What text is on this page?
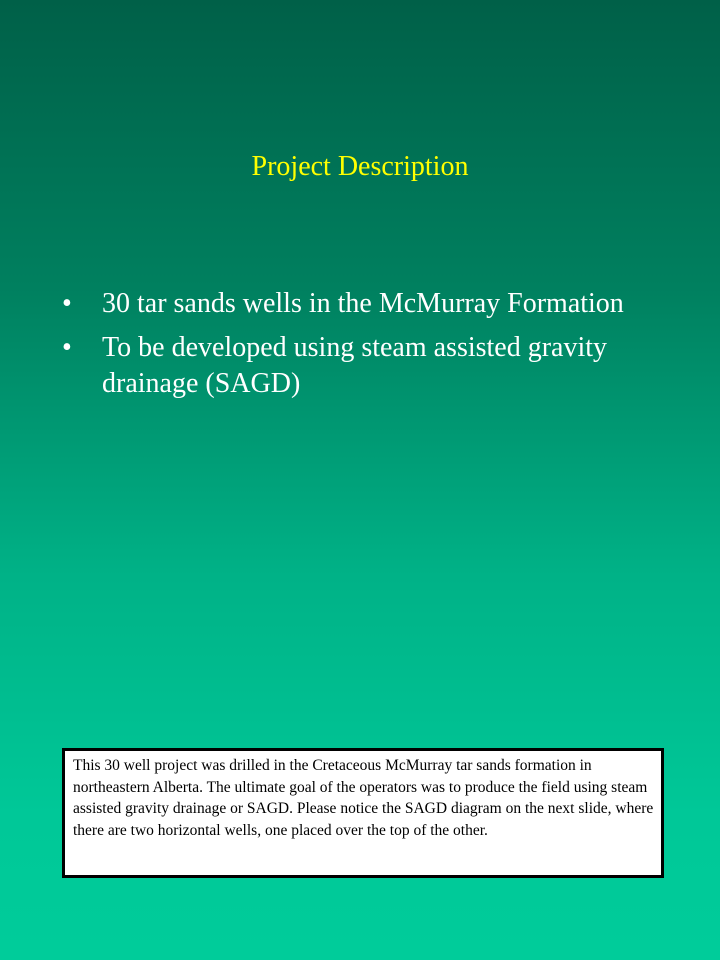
Project Description
• 30 tar sands wells in the McMurray Formation
• To be developed using steam assisted gravity drainage (SAGD)
This 30 well project was drilled in the Cretaceous McMurray tar sands formation in northeastern Alberta. The ultimate goal of the operators was to produce the field using steam assisted gravity drainage or SAGD. Please notice the SAGD diagram on the next slide, where there are two horizontal wells, one placed over the top of the other.
